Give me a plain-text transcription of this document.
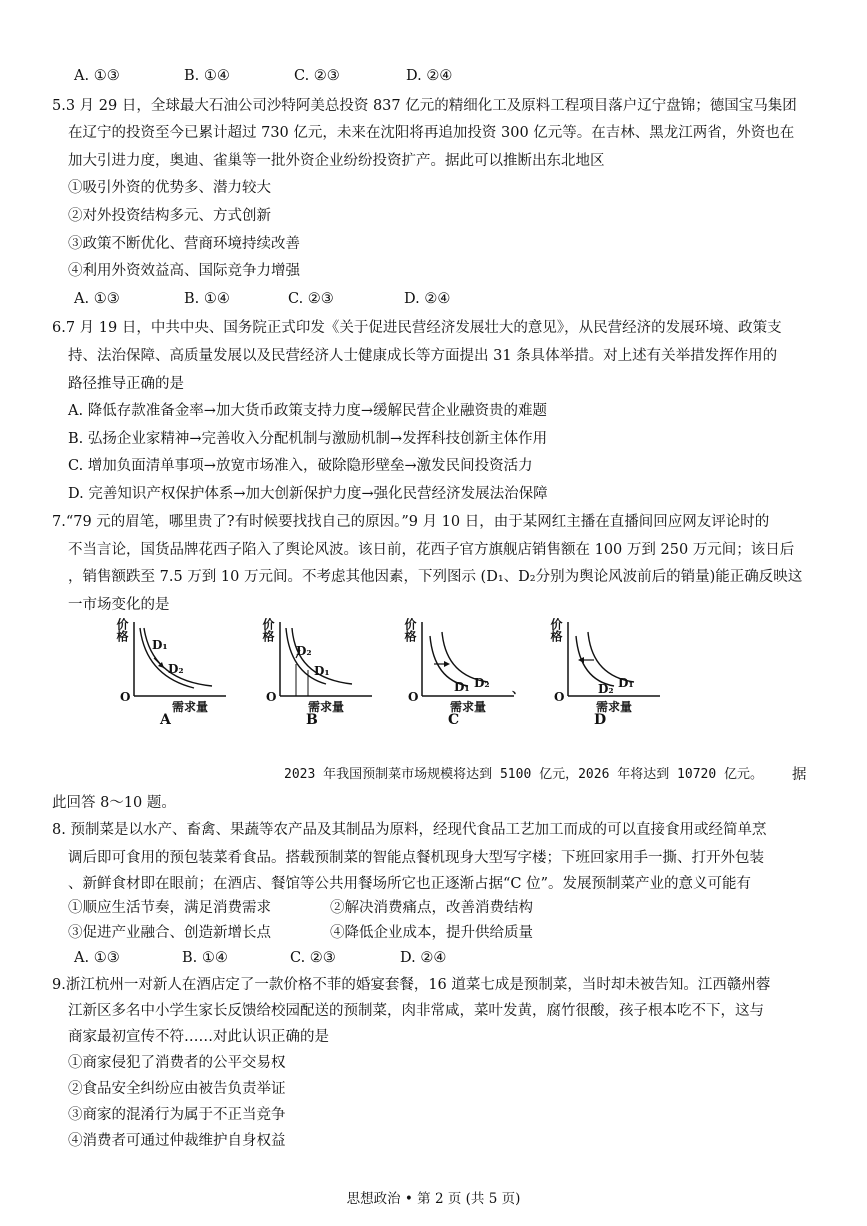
A. ①③	B. ①④	C. ②③	D. ②④
5.3 月 29 日，全球最大石油公司沙特阿美总投资 837 亿元的精细化工及原料工程项目落户辽宁盘锦；德国宝马集团
在辽宁的投资至今已累计超过 730 亿元，未来在沈阳将再追加投资 300 亿元等。在吉林、黑龙江两省，外资也在
加大引进力度，奥迪、雀巢等一批外资企业纷纷投资扩产。据此可以推断出东北地区
①吸引外资的优势多、潜力较大
②对外投资结构多元、方式创新
③政策不断优化、营商环境持续改善
④利用外资效益高、国际竞争力增强
A. ①③	B. ①④	C. ②③	D. ②④
6.7 月 19 日，中共中央、国务院正式印发《关于促进民营经济发展壮大的意见》，从民营经济的发展环境、政策支
持、法治保障、高质量发展以及民营经济人士健康成长等方面提出 31 条具体举措。对上述有关举措发挥作用的
路径推导正确的是
A. 降低存款准备金率→加大货币政策支持力度→缓解民营企业融资贵的难题
B. 弘扬企业家精神→完善收入分配机制与激励机制→发挥科技创新主体作用
C. 增加负面清单事项→放宽市场准入，破除隐形壁垒→激发民间投资活力
D. 完善知识产权保护体系→加大创新保护力度→强化民营经济发展法治保障
7.“79 元的眉笔，哪里贵了?有时候要找找自己的原因。”9 月 10 日，由于某网红主播在直播间回应网友评论时的
不当言论，国货品牌花西子陷入了舆论风波。该日前，花西子官方旗舰店销售额在 100 万到 250 万元间；该日后
，销售额跌至 7.5 万到 10 万元间。不考虑其他因素，下列图示 (D₁、D₂分别为舆论风波前后的销量)能正确反映这
一市场变化的是
价格
D₁
D₂
O
需求量
A
价格
D₂
D₁
O
需求量
B
价格
D₁ D₂
O
需求量
、
C
价格
D₂ D₁
O
需求量
D
2023 年我国预制菜市场规模将达到 5100 亿元，2026 年将达到 10720 亿元。 据
此回答 8～10 题。
8. 预制菜是以水产、畜禽、果蔬等农产品及其制品为原料，经现代食品工艺加工而成的可以直接食用或经简单烹
调后即可食用的预包装菜肴食品。搭载预制菜的智能点餐机现身大型写字楼；下班回家用手一撕、打开外包装
、新鲜食材即在眼前；在酒店、餐馆等公共用餐场所它也正逐渐占据“C 位”。发展预制菜产业的意义可能有
①顺应生活节奏，满足消费需求	②解决消费痛点，改善消费结构
③促进产业融合、创造新增长点	④降低企业成本，提升供给质量
A. ①③	B. ①④	C. ②③	D. ②④
9.浙江杭州一对新人在酒店定了一款价格不菲的婚宴套餐，16 道菜七成是预制菜，当时却未被告知。江西赣州蓉
江新区多名中小学生家长反馈给校园配送的预制菜，肉非常咸，菜叶发黄，腐竹很酸，孩子根本吃不下，这与
商家最初宣传不符……对此认识正确的是
①商家侵犯了消费者的公平交易权
②食品安全纠纷应由被告负责举证
③商家的混淆行为属于不正当竞争
④消费者可通过仲裁维护自身权益
思想政治 • 第 2 页 (共 5 页)
